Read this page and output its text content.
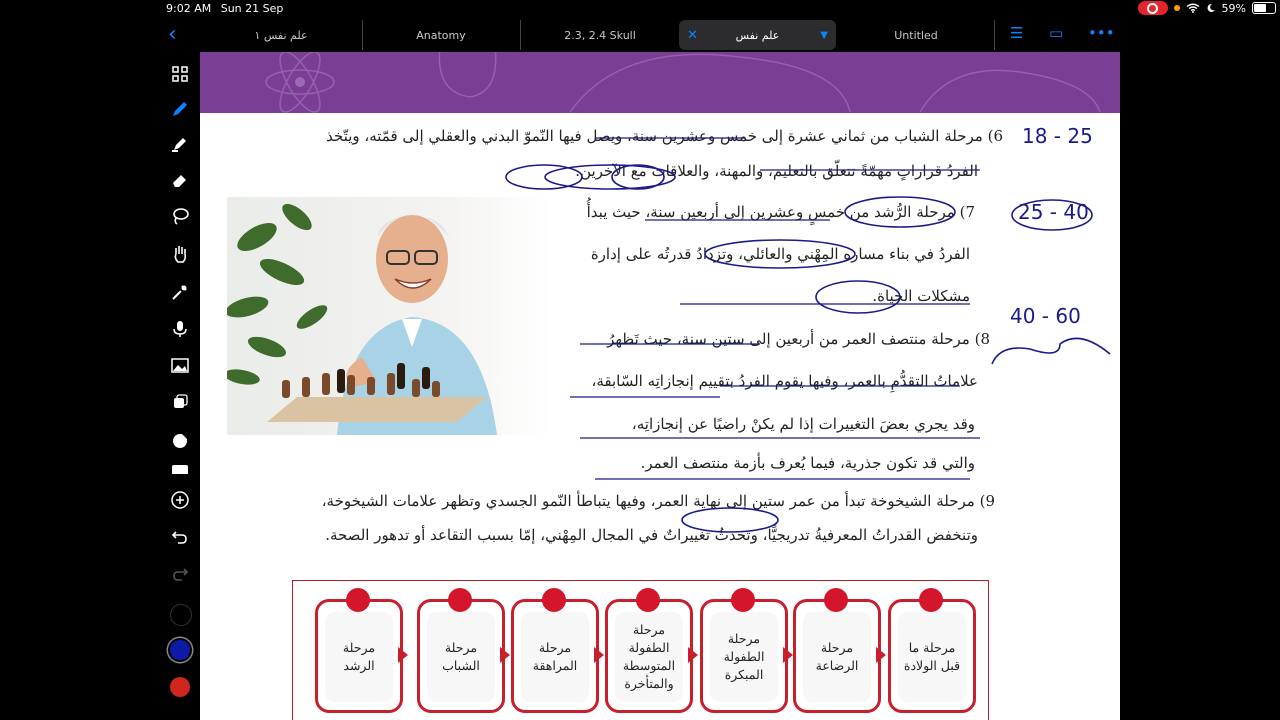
9:02 AM Sun 21 Sep	59%
‹	علم نفس ١	Anatomy	2.3, 2.4 Skull	✕	علم نفس	▼	Untitled	☰ ▭ •••
6) مرحلة الشباب من ثماني عشرة إلى خمس وعشرين سنة، ويصل فيها النّموّ البدني والعقلي إلى قمّته، ويتّخذ
الفردُ قراراتٍ مهمّةً تتعلّق بالتعليم، والمهنة، والعلاقات مع الآخرين.
18 - 25
7) مرحلة الرُّشد من خمسٍ وعشرين إلى أربعين سنة، حيث يبدأُ
الفردُ في بناء مساره المِهْني والعائلي، وتزدادُ قدرتُه على إدارة
مشكلات الحياة.
25 - 40
8) مرحلة منتصف العمر من أربعين إلى ستين سنة، حيث تَظهرُ
علاماتُ التقدُّمِ بالعمر، وفيها يقوم الفردُ بتقييم إنجازاتِه السّابقة،
وقد يجري بعضَ التغييرات إذا لم يكنْ راضيًا عن إنجازاتِه،
والتي قد تكون جذرية، فيما يُعرف بأزمة منتصف العمر.
40 - 60
9) مرحلة الشيخوخة تبدأ من عمر ستين إلى نهاية العمر، وفيها يتباطأ النّمو الجسدي وتظهر علامات الشيخوخة،
وتنخفض القدراتُ المعرفيةُ تدريجيًّا، وتحدثُ تغييراتٌ في المجال المِهْني، إمّا بسبب التقاعد أو تدهور الصحة.
مرحلة ما
قبل الولادة
مرحلة
الرضاعة
مرحلة
الطفولة
المبكرة
مرحلة
الطفولة
المتوسطة
والمتأخرة
مرحلة
المراهقة
مرحلة
الشباب
مرحلة
الرشد
